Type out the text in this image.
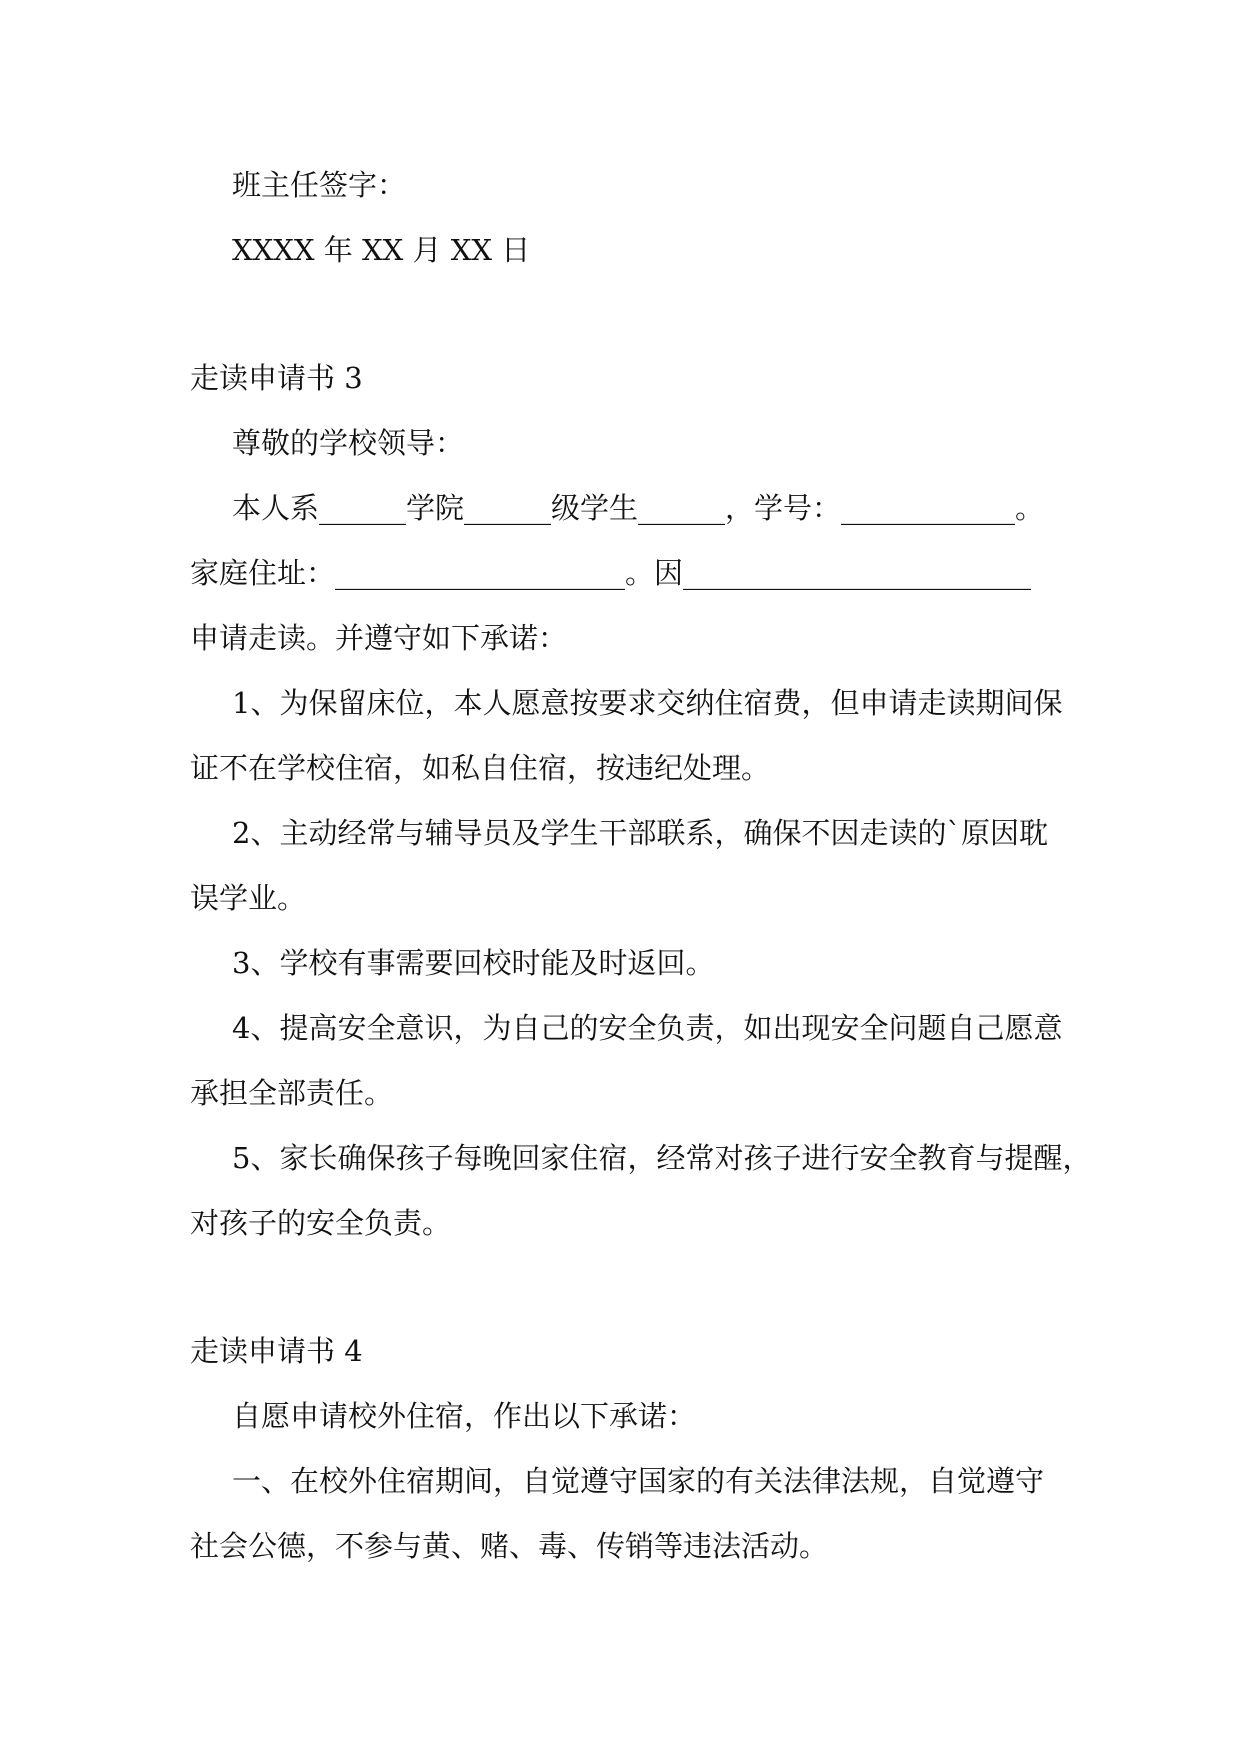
班主任签字：
XXXX 年 XX 月 XX 日
走读申请书 3
尊敬的学校领导：
本人系______学院______级学生______，学号：____________。
家庭住址：____________________。因________________________
申请走读。并遵守如下承诺：
1、为保留床位，本人愿意按要求交纳住宿费，但申请走读期间保
证不在学校住宿，如私自住宿，按违纪处理。
2、主动经常与辅导员及学生干部联系，确保不因走读的`原因耽
误学业。
3、学校有事需要回校时能及时返回。
4、提高安全意识，为自己的安全负责，如出现安全问题自己愿意
承担全部责任。
5、家长确保孩子每晚回家住宿，经常对孩子进行安全教育与提醒，
对孩子的安全负责。
走读申请书 4
自愿申请校外住宿，作出以下承诺：
一、在校外住宿期间，自觉遵守国家的有关法律法规，自觉遵守
社会公德，不参与黄、赌、毒、传销等违法活动。
